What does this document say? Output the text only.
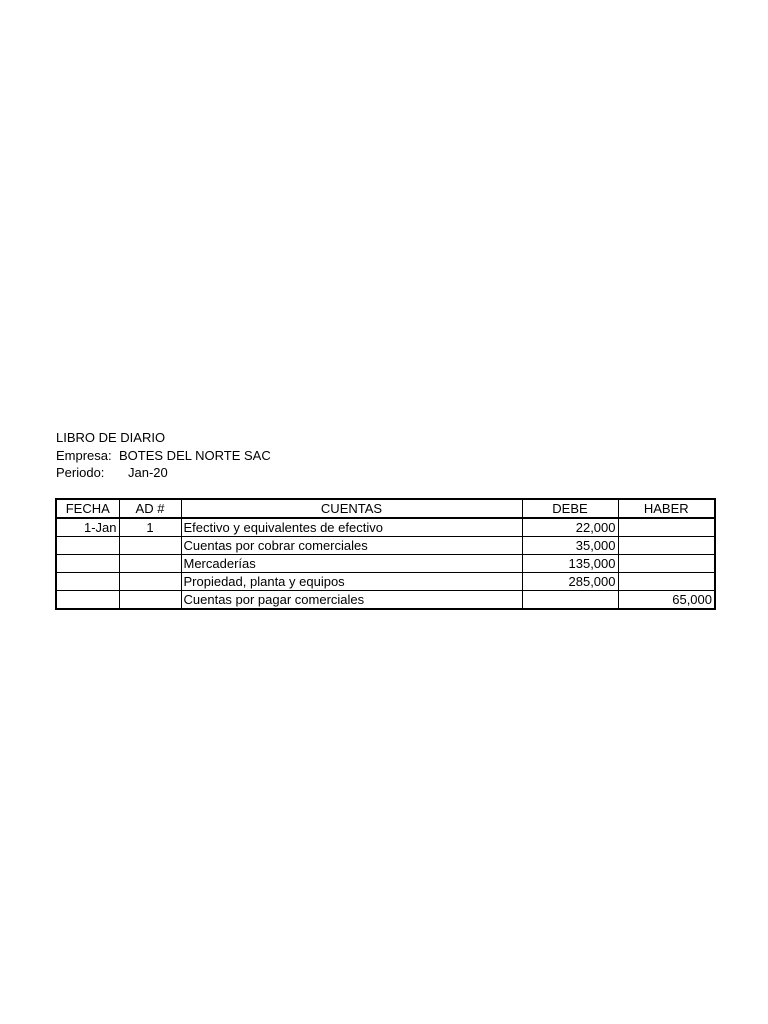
LIBRO DE DIARIO
Empresa: BOTES DEL NORTE SAC
Periodo: Jan-20
FECHA	AD #	CUENTAS	DEBE	HABER
1-Jan	1	Efectivo y equivalentes de efectivo	22,000	
		Cuentas por cobrar comerciales	35,000	
		Mercaderías	135,000	
		Propiedad, planta y equipos	285,000	
		Cuentas por pagar comerciales		65,000
